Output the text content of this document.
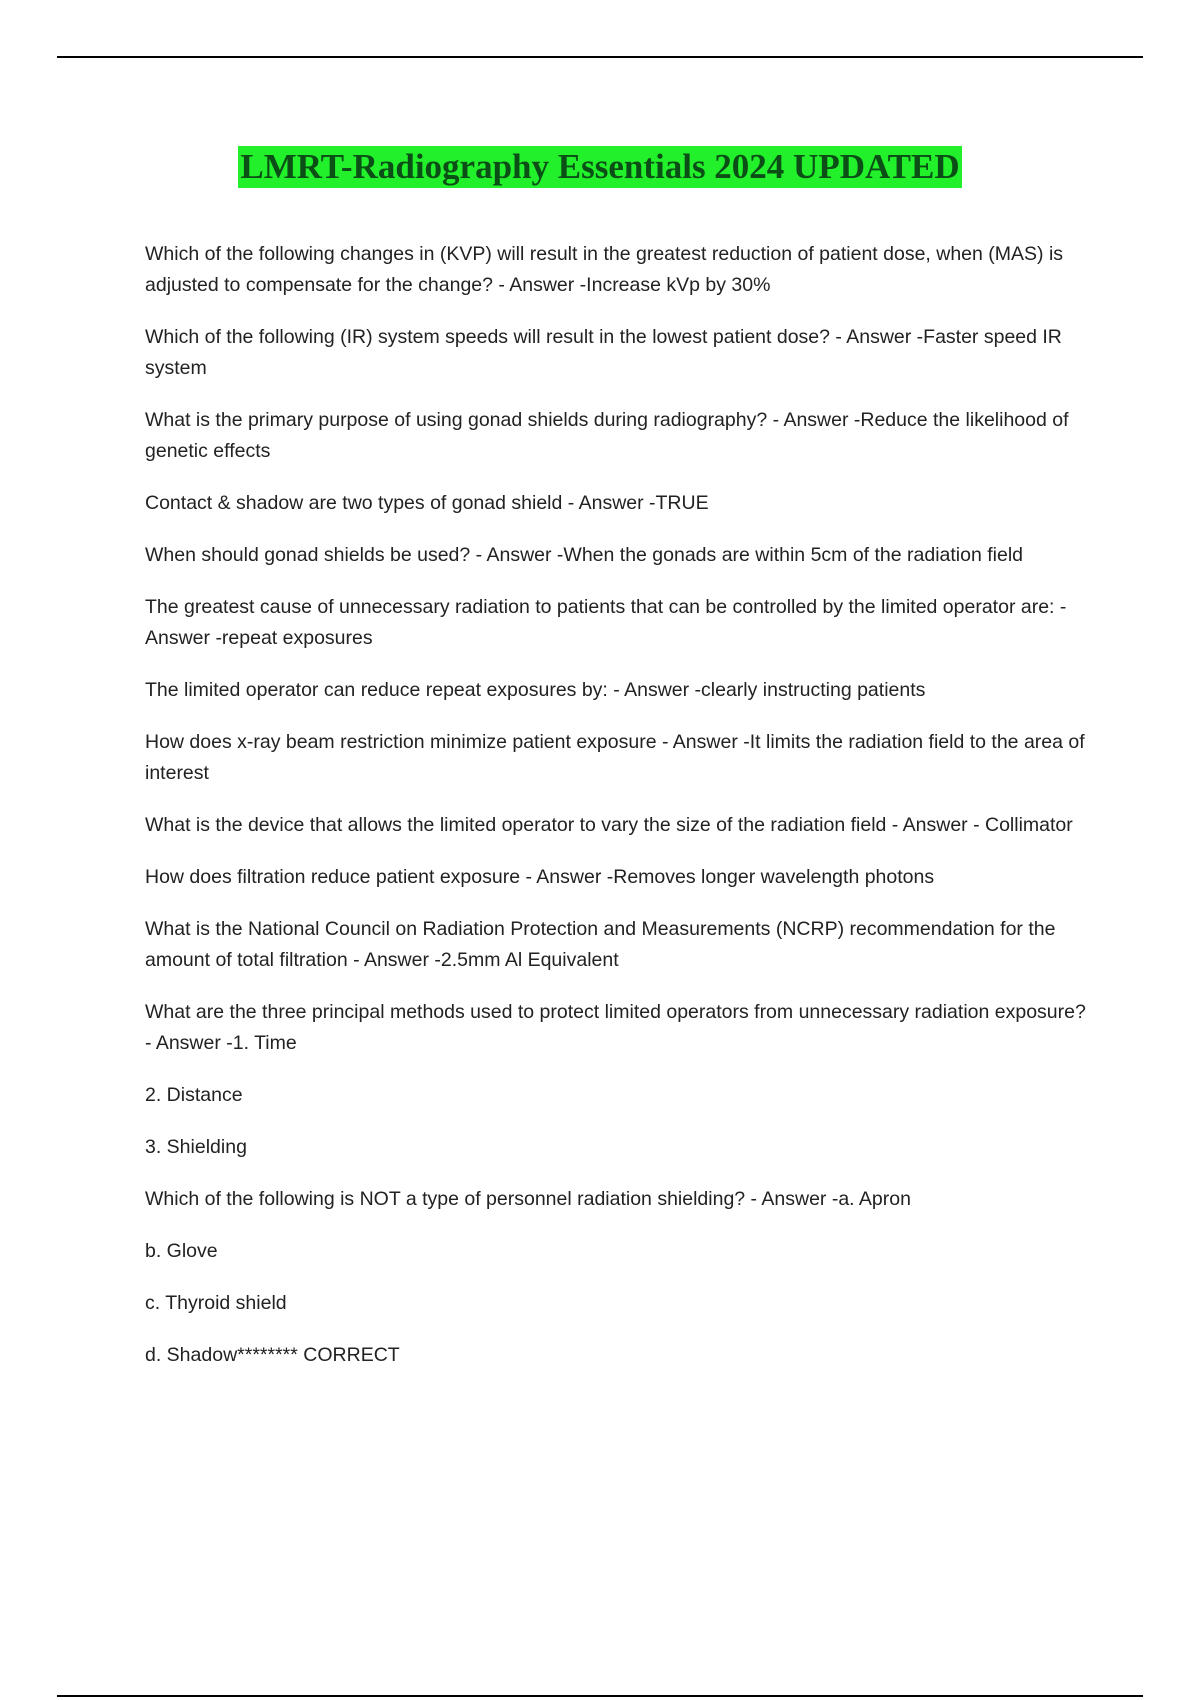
LMRT-Radiography Essentials 2024 UPDATED

Which of the following changes in (KVP) will result in the greatest reduction of patient dose, when (MAS) is adjusted to compensate for the change? - Answer -Increase kVp by 30%

Which of the following (IR) system speeds will result in the lowest patient dose? - Answer -Faster speed IR system

What is the primary purpose of using gonad shields during radiography? - Answer -Reduce the likelihood of genetic effects

Contact & shadow are two types of gonad shield - Answer -TRUE

When should gonad shields be used? - Answer -When the gonads are within 5cm of the radiation field

The greatest cause of unnecessary radiation to patients that can be controlled by the limited operator are: - Answer -repeat exposures

The limited operator can reduce repeat exposures by: - Answer -clearly instructing patients

How does x-ray beam restriction minimize patient exposure - Answer -It limits the radiation field to the area of interest

What is the device that allows the limited operator to vary the size of the radiation field - Answer - Collimator

How does filtration reduce patient exposure - Answer -Removes longer wavelength photons

What is the National Council on Radiation Protection and Measurements (NCRP) recommendation for the amount of total filtration - Answer -2.5mm Al Equivalent

What are the three principal methods used to protect limited operators from unnecessary radiation exposure? - Answer -1. Time

2. Distance

3. Shielding

Which of the following is NOT a type of personnel radiation shielding? - Answer -a. Apron

b. Glove

c. Thyroid shield

d. Shadow******** CORRECT
